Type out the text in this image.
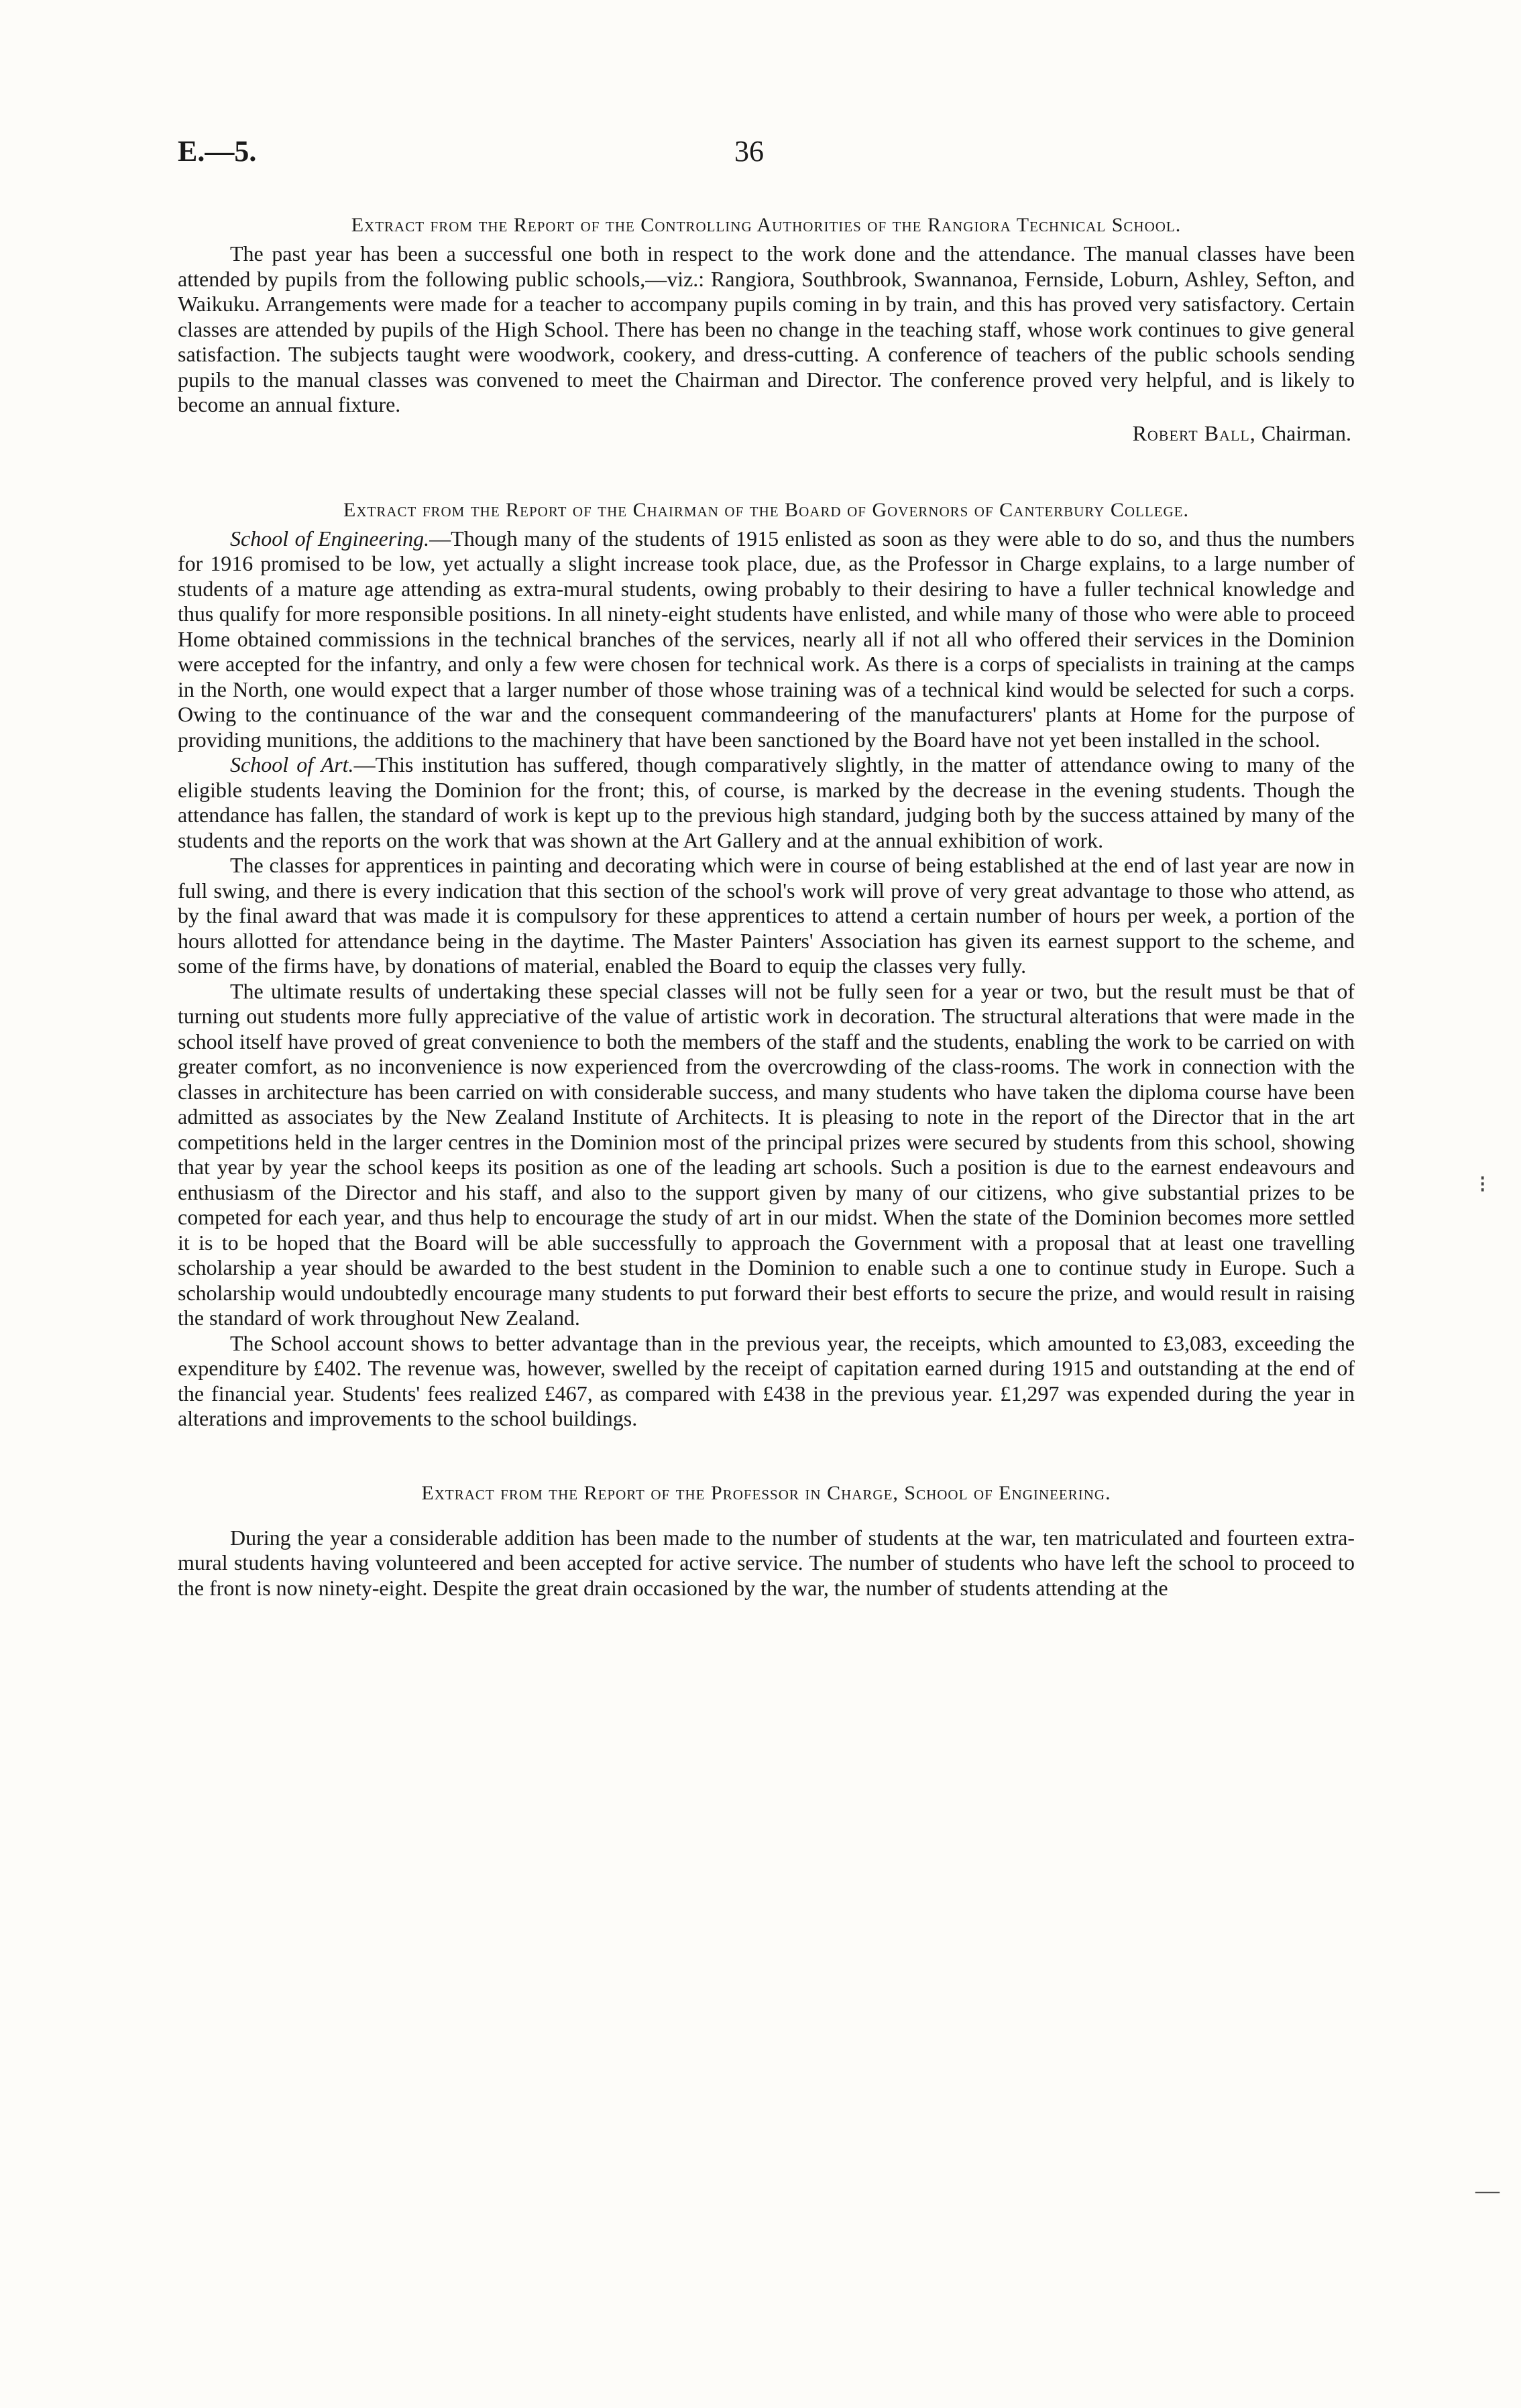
E.—5.	36

Extract from the Report of the Controlling Authorities of the Rangiora Technical School.

The past year has been a successful one both in respect to the work done and the attendance. The manual classes have been attended by pupils from the following public schools,—viz.: Rangiora, Southbrook, Swannanoa, Fernside, Loburn, Ashley, Sefton, and Waikuku. Arrangements were made for a teacher to accompany pupils coming in by train, and this has proved very satisfactory. Certain classes are attended by pupils of the High School. There has been no change in the teaching staff, whose work continues to give general satisfaction. The subjects taught were woodwork, cookery, and dress-cutting. A conference of teachers of the public schools sending pupils to the manual classes was convened to meet the Chairman and Director. The conference proved very helpful, and is likely to become an annual fixture.

Robert Ball, Chairman.

Extract from the Report of the Chairman of the Board of Governors of Canterbury College.

School of Engineering.—Though many of the students of 1915 enlisted as soon as they were able to do so, and thus the numbers for 1916 promised to be low, yet actually a slight increase took place, due, as the Professor in Charge explains, to a large number of students of a mature age attending as extra-mural students, owing probably to their desiring to have a fuller technical knowledge and thus qualify for more responsible positions. In all ninety-eight students have enlisted, and while many of those who were able to proceed Home obtained commissions in the technical branches of the services, nearly all if not all who offered their services in the Dominion were accepted for the infantry, and only a few were chosen for technical work. As there is a corps of specialists in training at the camps in the North, one would expect that a larger number of those whose training was of a technical kind would be selected for such a corps. Owing to the continuance of the war and the consequent commandeering of the manufacturers' plants at Home for the purpose of providing munitions, the additions to the machinery that have been sanctioned by the Board have not yet been installed in the school.

School of Art.—This institution has suffered, though comparatively slightly, in the matter of attendance owing to many of the eligible students leaving the Dominion for the front; this, of course, is marked by the decrease in the evening students. Though the attendance has fallen, the standard of work is kept up to the previous high standard, judging both by the success attained by many of the students and the reports on the work that was shown at the Art Gallery and at the annual exhibition of work.

The classes for apprentices in painting and decorating which were in course of being established at the end of last year are now in full swing, and there is every indication that this section of the school's work will prove of very great advantage to those who attend, as by the final award that was made it is compulsory for these apprentices to attend a certain number of hours per week, a portion of the hours allotted for attendance being in the daytime. The Master Painters' Association has given its earnest support to the scheme, and some of the firms have, by donations of material, enabled the Board to equip the classes very fully.

The ultimate results of undertaking these special classes will not be fully seen for a year or two, but the result must be that of turning out students more fully appreciative of the value of artistic work in decoration. The structural alterations that were made in the school itself have proved of great convenience to both the members of the staff and the students, enabling the work to be carried on with greater comfort, as no inconvenience is now experienced from the overcrowding of the class-rooms. The work in connection with the classes in architecture has been carried on with considerable success, and many students who have taken the diploma course have been admitted as associates by the New Zealand Institute of Architects. It is pleasing to note in the report of the Director that in the art competitions held in the larger centres in the Dominion most of the principal prizes were secured by students from this school, showing that year by year the school keeps its position as one of the leading art schools. Such a position is due to the earnest endeavours and enthusiasm of the Director and his staff, and also to the support given by many of our citizens, who give substantial prizes to be competed for each year, and thus help to encourage the study of art in our midst. When the state of the Dominion becomes more settled it is to be hoped that the Board will be able successfully to approach the Government with a proposal that at least one travelling scholarship a year should be awarded to the best student in the Dominion to enable such a one to continue study in Europe. Such a scholarship would undoubtedly encourage many students to put forward their best efforts to secure the prize, and would result in raising the standard of work throughout New Zealand.

The School account shows to better advantage than in the previous year, the receipts, which amounted to £3,083, exceeding the expenditure by £402. The revenue was, however, swelled by the receipt of capitation earned during 1915 and outstanding at the end of the financial year. Students' fees realized £467, as compared with £438 in the previous year. £1,297 was expended during the year in alterations and improvements to the school buildings.

Extract from the Report of the Professor in Charge, School of Engineering.

During the year a considerable addition has been made to the number of students at the war, ten matriculated and fourteen extra-mural students having volunteered and been accepted for active service. The number of students who have left the school to proceed to the front is now ninety-eight. Despite the great drain occasioned by the war, the number of students attending at the

⁝
—
